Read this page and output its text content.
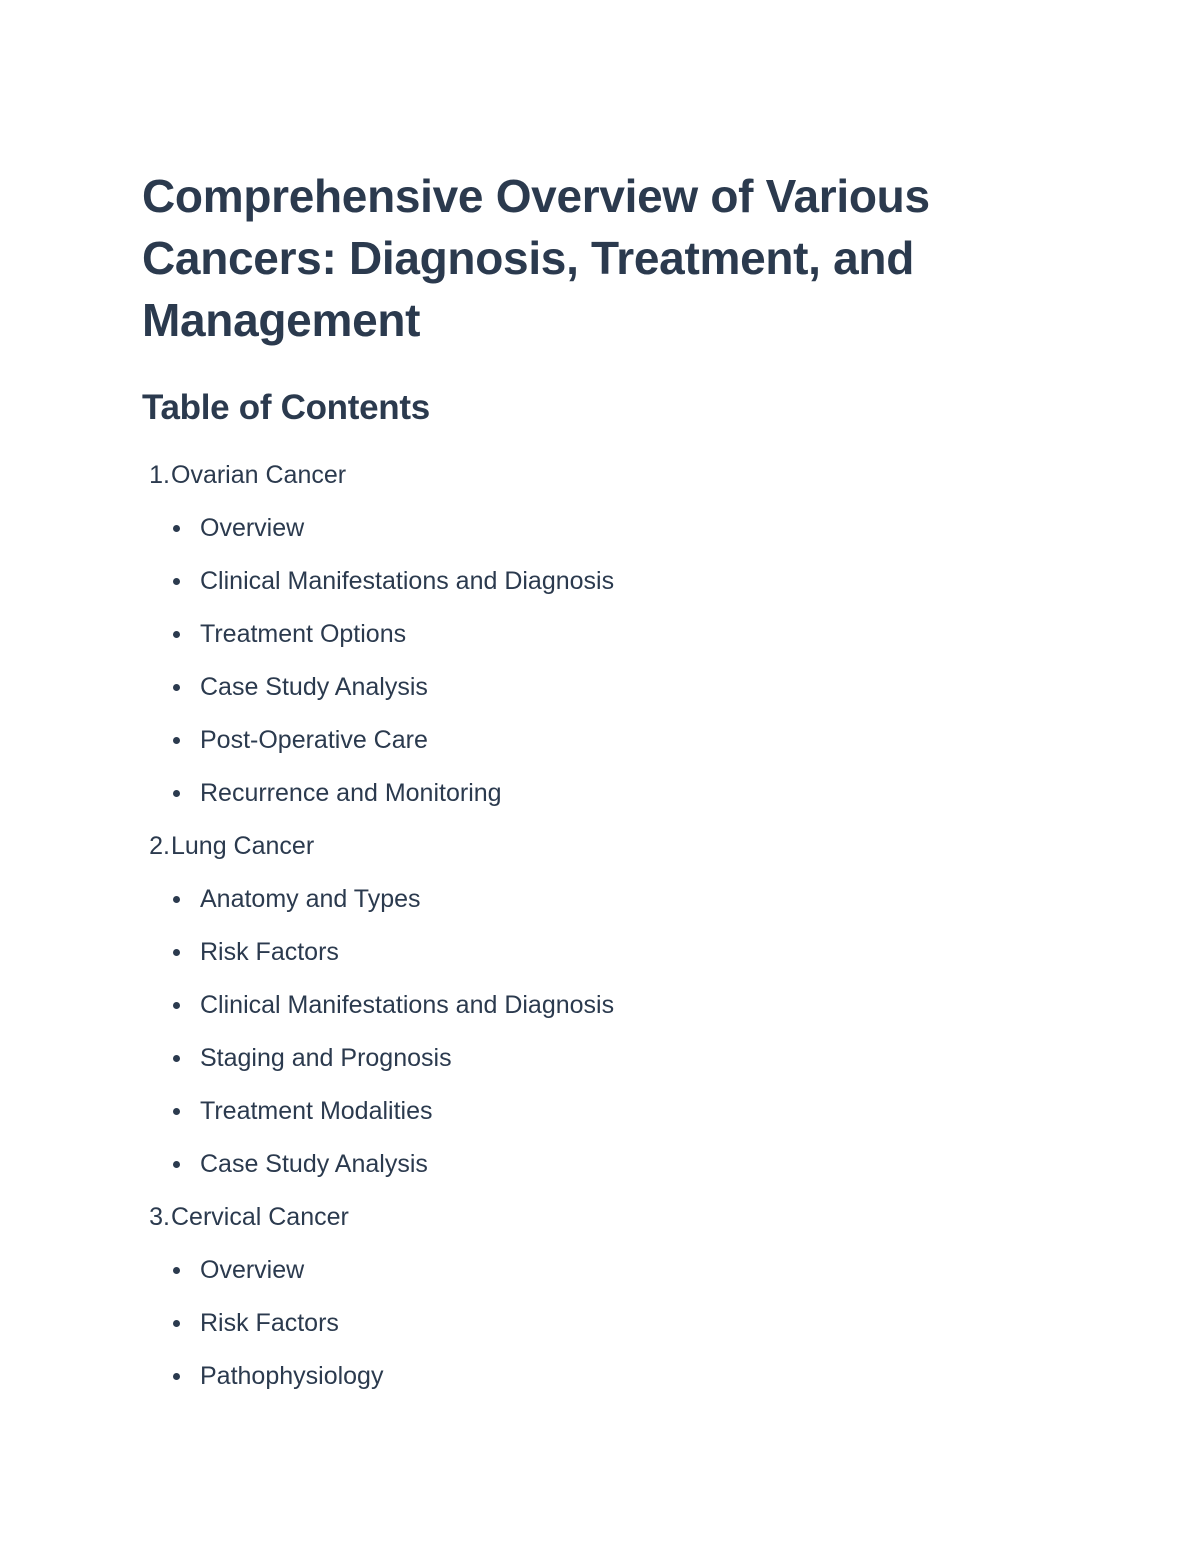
Comprehensive Overview of Various Cancers: Diagnosis, Treatment, and Management
Table of Contents
1. Ovarian Cancer
Overview
Clinical Manifestations and Diagnosis
Treatment Options
Case Study Analysis
Post-Operative Care
Recurrence and Monitoring
2. Lung Cancer
Anatomy and Types
Risk Factors
Clinical Manifestations and Diagnosis
Staging and Prognosis
Treatment Modalities
Case Study Analysis
3. Cervical Cancer
Overview
Risk Factors
Pathophysiology
